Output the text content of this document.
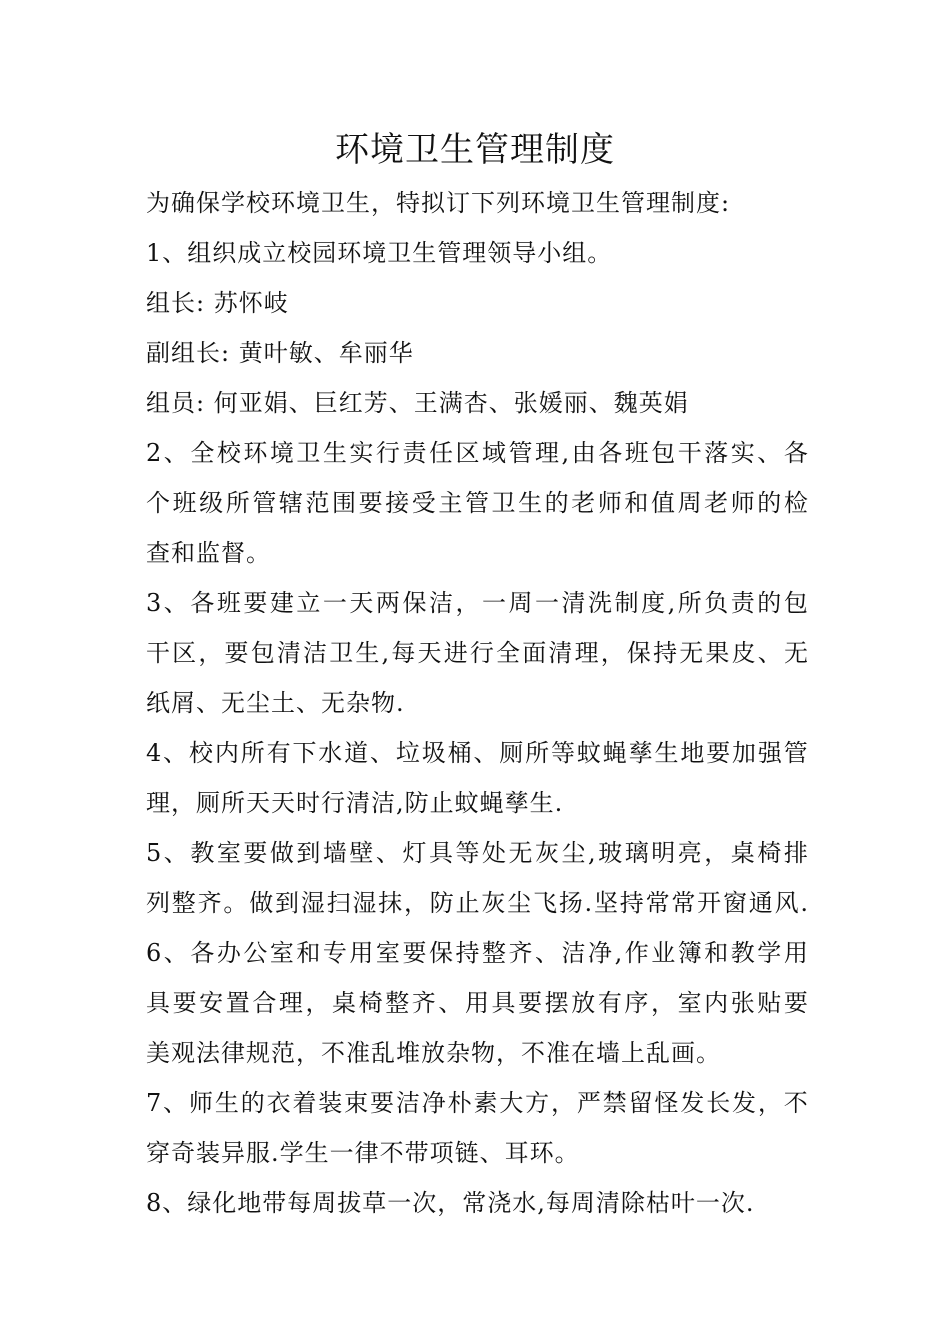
环境卫生管理制度
为确保学校环境卫生，特拟订下列环境卫生管理制度:
1、组织成立校园环境卫生管理领导小组。
组长: 苏怀岐
副组长: 黄叶敏、牟丽华
组员: 何亚娟、巨红芳、王满杏、张媛丽、魏英娟
2 、 全 校 环 境 卫 生 实 行 责 任 区 域 管 理 , 由 各 班 包 干 落 实 、 各
个 班 级 所 管 辖 范 围 要 接 受 主 管 卫 生 的 老 师 和 值 周 老 师 的 检
查和监督。
3 、 各 班 要 建 立 一 天 两 保 洁 ， 一 周 一 清 洗 制 度 , 所 负 责 的 包
干 区 ， 要 包 清 洁 卫 生 , 每 天 进 行 全 面 清 理 ， 保 持 无 果 皮 、 无
纸屑、无尘土、无杂物.
4 、 校 内 所 有 下 水 道 、 垃 圾 桶 、 厕 所 等 蚊 蝇 孳 生 地 要 加 强 管
理，厕所天天时行清洁,防止蚊蝇孳生.
5 、 教 室 要 做 到 墙 壁 、 灯 具 等 处 无 灰 尘 , 玻 璃 明 亮 ， 桌 椅 排
列 整 齐 。 做 到 湿 扫 湿 抹 ， 防 止 灰 尘 飞 扬 . 坚 持 常 常 开 窗 通 风 .
6 、 各 办 公 室 和 专 用 室 要 保 持 整 齐 、 洁 净 , 作 业 簿 和 教 学 用
具 要 安 置 合 理 ， 桌 椅 整 齐 、 用 具 要 摆 放 有 序 ， 室 内 张 贴 要
美观法律规范，不准乱堆放杂物，不准在墙上乱画。
7 、 师 生 的 衣 着 装 束 要 洁 净 朴 素 大 方 ， 严 禁 留 怪 发 长 发 ， 不
穿奇装异服.学生一律不带项链、耳环。
8、绿化地带每周拔草一次，常浇水,每周清除枯叶一次.
